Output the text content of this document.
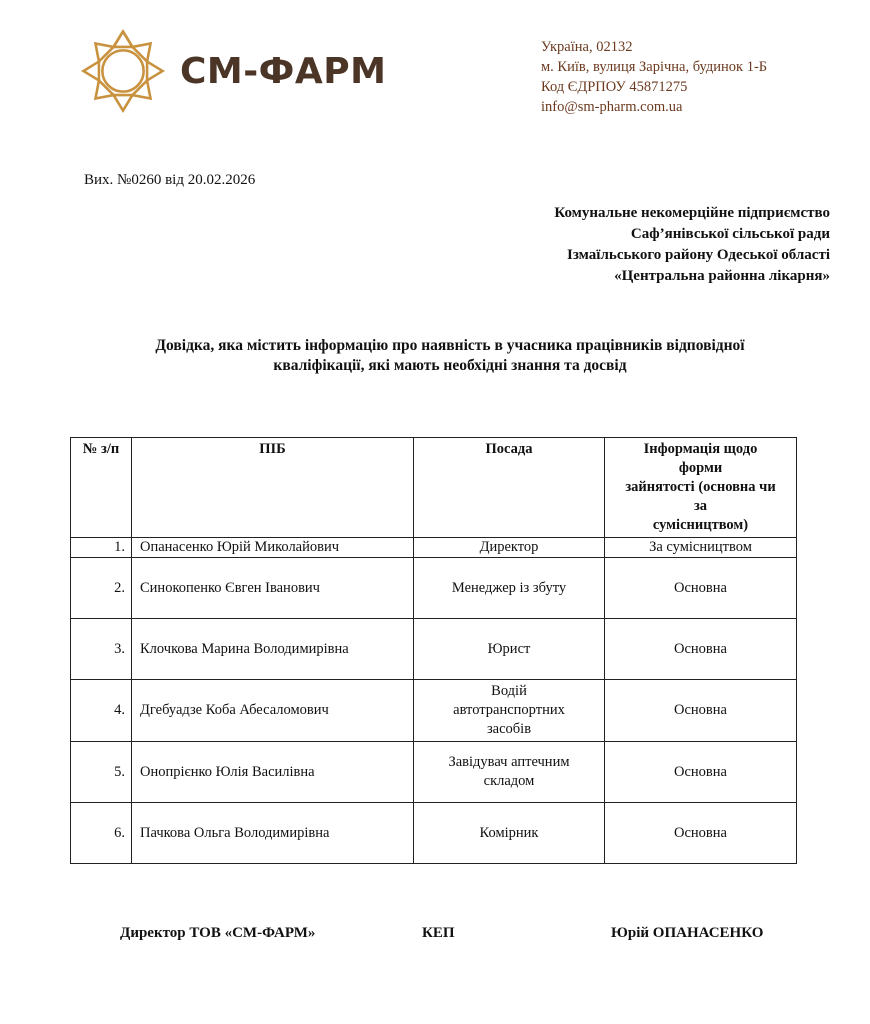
СМ-ФАРМ
Україна, 02132
м. Київ, вулиця Зарічна, будинок 1-Б
Код ЄДРПОУ 45871275
info@sm-pharm.com.ua
Вих. №0260 від 20.02.2026
Комунальне некомерційне підприємство
Саф’янівської сільської ради
Ізмаїльського району Одеської області
«Центральна районна лікарня»
Довідка, яка містить інформацію про наявність в учасника працівників відповідної
кваліфікації, які мають необхідні знання та досвід
№ з/п	ПІБ	Посада	Інформація щодо
форми
зайнятості (основна чи
за
сумісництвом)
1.	Опанасенко Юрій Миколайович	Директор	За сумісництвом
2.	Синокопенко Євген Іванович	Менеджер із збуту	Основна
3.	Клочкова Марина Володимирівна	Юрист	Основна
4.	Дгебуадзе Коба Абесаломович	Водій
автотранспортних
засобів	Основна
5.	Онопрієнко Юлія Василівна	Завідувач аптечним
складом	Основна
6.	Пачкова Ольга Володимирівна	Комірник	Основна
Директор ТОВ «СМ-ФАРМ»	КЕП	Юрій ОПАНАСЕНКО
